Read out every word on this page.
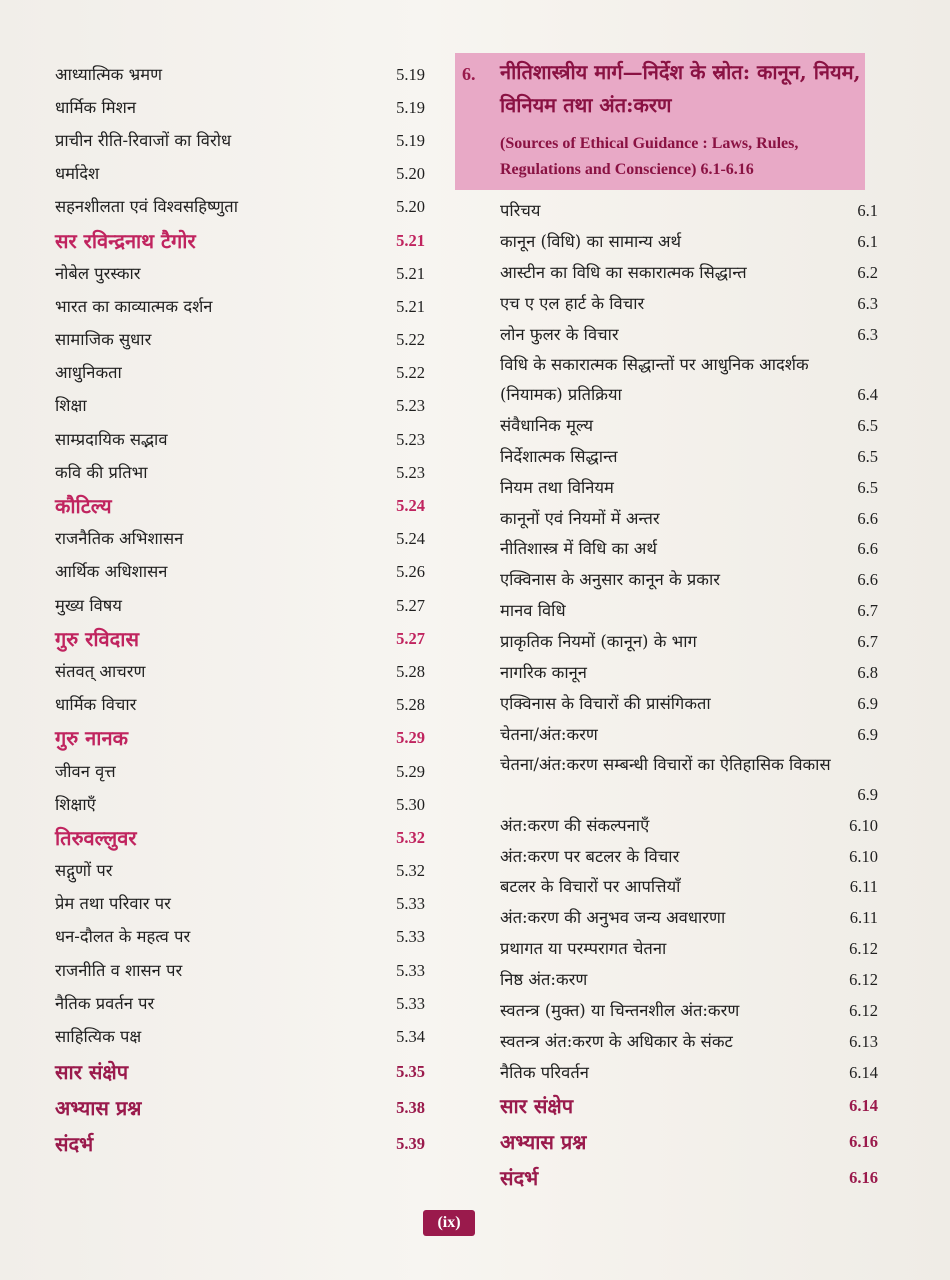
आध्यात्मिक भ्रमण	5.19
धार्मिक मिशन	5.19
प्राचीन रीति-रिवाजों का विरोध	5.19
धर्मादेश	5.20
सहनशीलता एवं विश्वसहिष्णुता	5.20
सर रविन्द्रनाथ टैगोर	5.21
नोबेल पुरस्कार	5.21
भारत का काव्यात्मक दर्शन	5.21
सामाजिक सुधार	5.22
आधुनिकता	5.22
शिक्षा	5.23
साम्प्रदायिक सद्भाव	5.23
कवि की प्रतिभा	5.23
कौटिल्य	5.24
राजनैतिक अभिशासन	5.24
आर्थिक अधिशासन	5.26
मुख्य विषय	5.27
गुरु रविदास	5.27
संतवत् आचरण	5.28
धार्मिक विचार	5.28
गुरु नानक	5.29
जीवन वृत्त	5.29
शिक्षाएँ	5.30
तिरुवल्लुवर	5.32
सद्गुणों पर	5.32
प्रेम तथा परिवार पर	5.33
धन-दौलत के महत्व पर	5.33
राजनीति व शासन पर	5.33
नैतिक प्रवर्तन पर	5.33
साहित्यिक पक्ष	5.34
सार संक्षेप	5.35
अभ्यास प्रश्न	5.38
संदर्भ	5.39
6. नीतिशास्त्रीय मार्ग—निर्देश के स्रोत: कानून, नियम, विनियम तथा अंत:करण
(Sources of Ethical Guidance : Laws, Rules, Regulations and Conscience) 6.1-6.16
परिचय	6.1
कानून (विधि) का सामान्य अर्थ	6.1
आस्टीन का विधि का सकारात्मक सिद्धान्त	6.2
एच ए एल हार्ट के विचार	6.3
लोन फुलर के विचार	6.3
विधि के सकारात्मक सिद्धान्तों पर आधुनिक आदर्शक
(नियामक) प्रतिक्रिया	6.4
संवैधानिक मूल्य	6.5
निर्देशात्मक सिद्धान्त	6.5
नियम तथा विनियम	6.5
कानूनों एवं नियमों में अन्तर	6.6
नीतिशास्त्र में विधि का अर्थ	6.6
एक्विनास के अनुसार कानून के प्रकार	6.6
मानव विधि	6.7
प्राकृतिक नियमों (कानून) के भाग	6.7
नागरिक कानून	6.8
एक्विनास के विचारों की प्रासंगिकता	6.9
चेतना/अंत:करण	6.9
चेतना/अंत:करण सम्बन्धी विचारों का ऐतिहासिक विकास
6.9
अंत:करण की संकल्पनाएँ	6.10
अंत:करण पर बटलर के विचार	6.10
बटलर के विचारों पर आपत्तियाँ	6.11
अंत:करण की अनुभव जन्य अवधारणा	6.11
प्रथागत या परम्परागत चेतना	6.12
निष्ठ अंत:करण	6.12
स्वतन्त्र (मुक्त) या चिन्तनशील अंत:करण	6.12
स्वतन्त्र अंत:करण के अधिकार के संकट	6.13
नैतिक परिवर्तन	6.14
सार संक्षेप	6.14
अभ्यास प्रश्न	6.16
संदर्भ	6.16
(ix)
